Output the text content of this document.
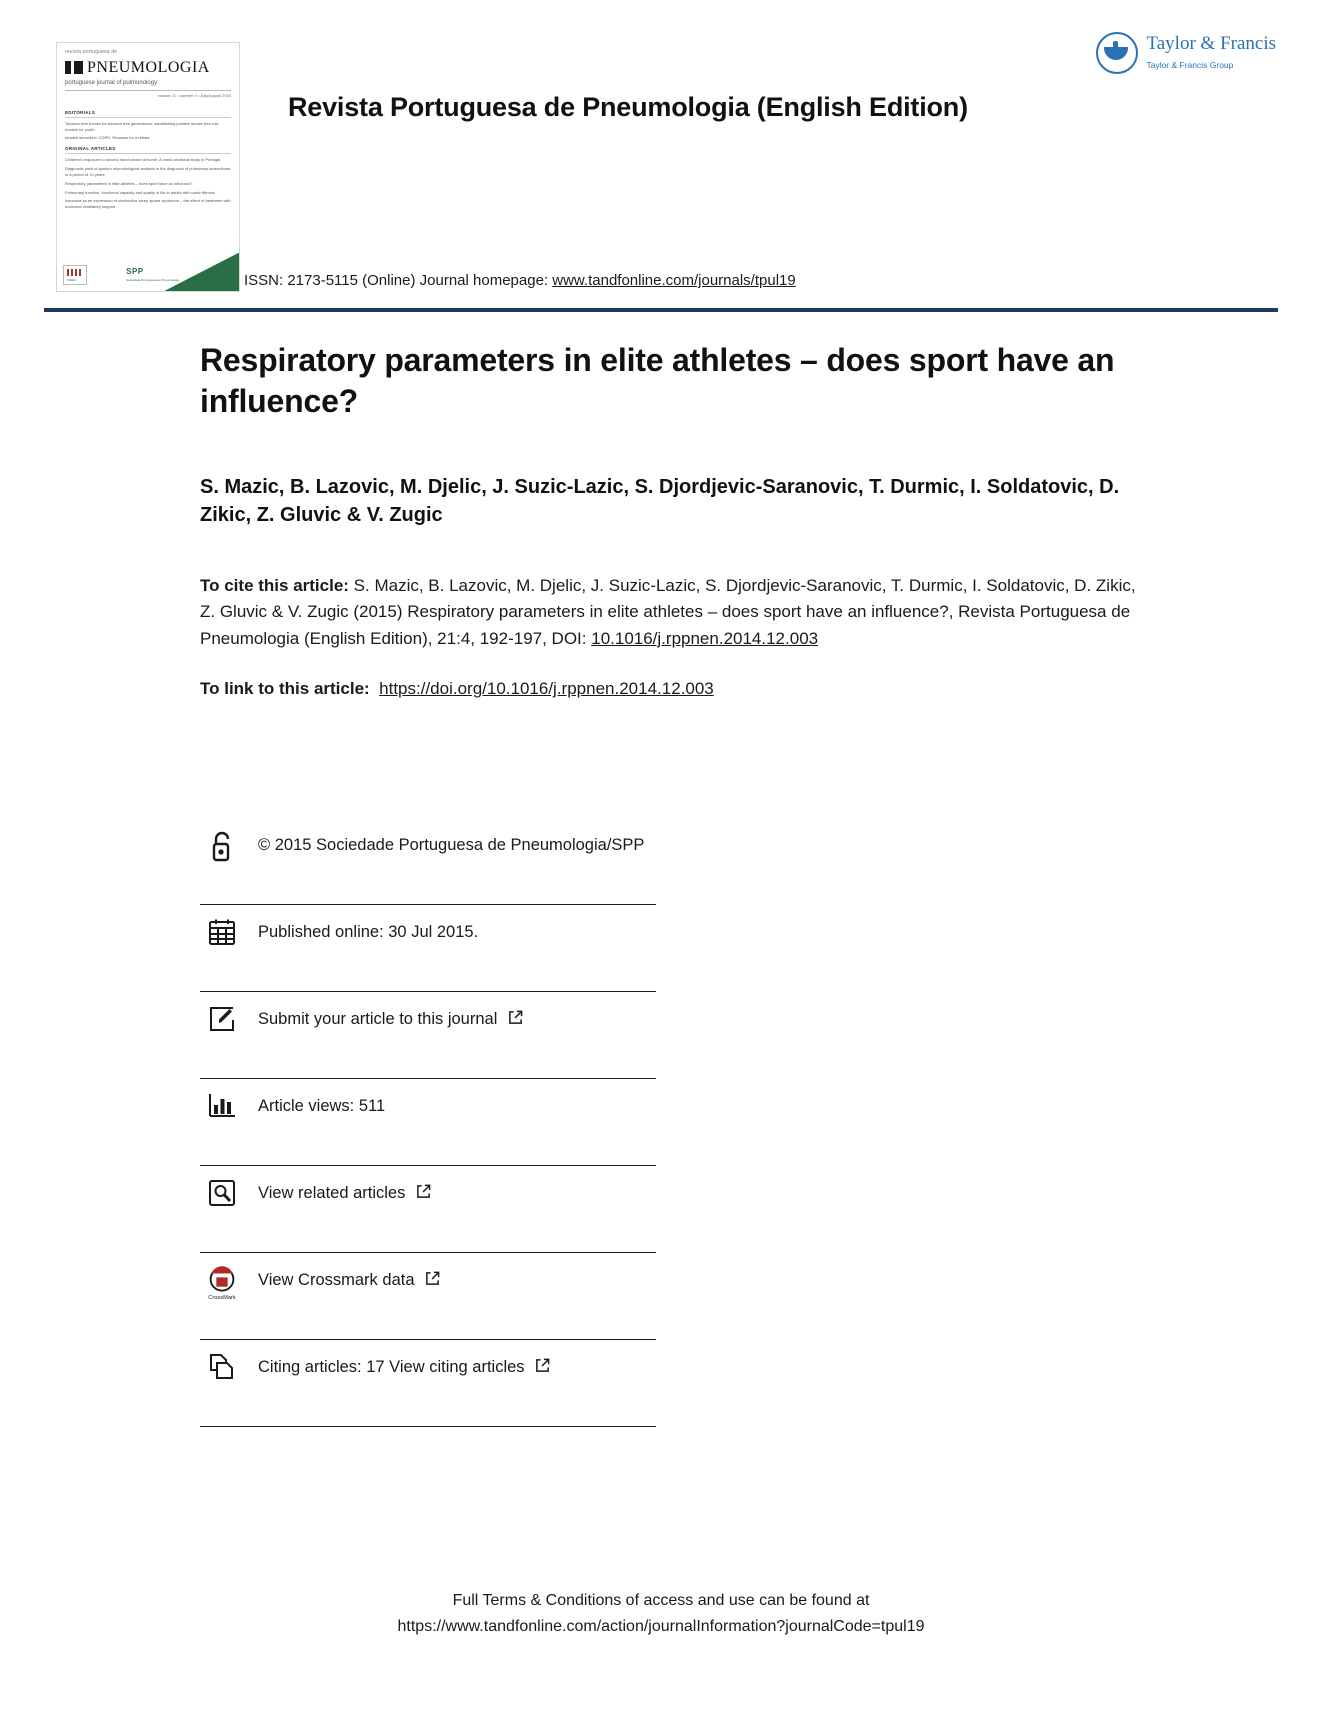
revista portuguesa de
PNEUMOLOGIA
portuguese journal of pulmonology
volume 21 • number 4 • July/August 2015
EDITORIALS
Tobacco free homes for tobacco free generations: establishing positive smoke free role models for youth
Inhaled steroids in COPD: Reasons for a rebate
ORIGINAL ARTICLES
Children's exposure to second hand smoke at home. A cross-sectional study in Portugal
Diagnostic yield of sputum microbiological analysis in the diagnosis of pulmonary tuberculosis in a period of 10 years
Respiratory parameters in elite athletes – does sport have an influence?
Pulmonary function, functional capacity and quality of life in adults with cystic fibrosis
Insomnia as an expression of obstructive sleep apnea syndrome – the effect of treatment with nocturnal ventilatory support
SPP
Sociedade Portuguesa de Pneumologia
INDEX
Revista Portuguesa de Pneumologia (English Edition)
Taylor & Francis
Taylor & Francis Group
ISSN: 2173-5115 (Online) Journal homepage: www.tandfonline.com/journals/tpul19
Respiratory parameters in elite athletes – does sport have an influence?
S. Mazic, B. Lazovic, M. Djelic, J. Suzic-Lazic, S. Djordjevic-Saranovic, T. Durmic, I. Soldatovic, D. Zikic, Z. Gluvic & V. Zugic
To cite this article: S. Mazic, B. Lazovic, M. Djelic, J. Suzic-Lazic, S. Djordjevic-Saranovic, T. Durmic, I. Soldatovic, D. Zikic, Z. Gluvic & V. Zugic (2015) Respiratory parameters in elite athletes – does sport have an influence?, Revista Portuguesa de Pneumologia (English Edition), 21:4, 192-197, DOI: 10.1016/j.rppnen.2014.12.003
To link to this article: https://doi.org/10.1016/j.rppnen.2014.12.003
© 2015 Sociedade Portuguesa de Pneumologia/SPP
Published online: 30 Jul 2015.
Submit your article to this journal
Article views: 511
View related articles
CrossMark
View Crossmark data
Citing articles: 17 View citing articles
Full Terms & Conditions of access and use can be found at
https://www.tandfonline.com/action/journalInformation?journalCode=tpul19
